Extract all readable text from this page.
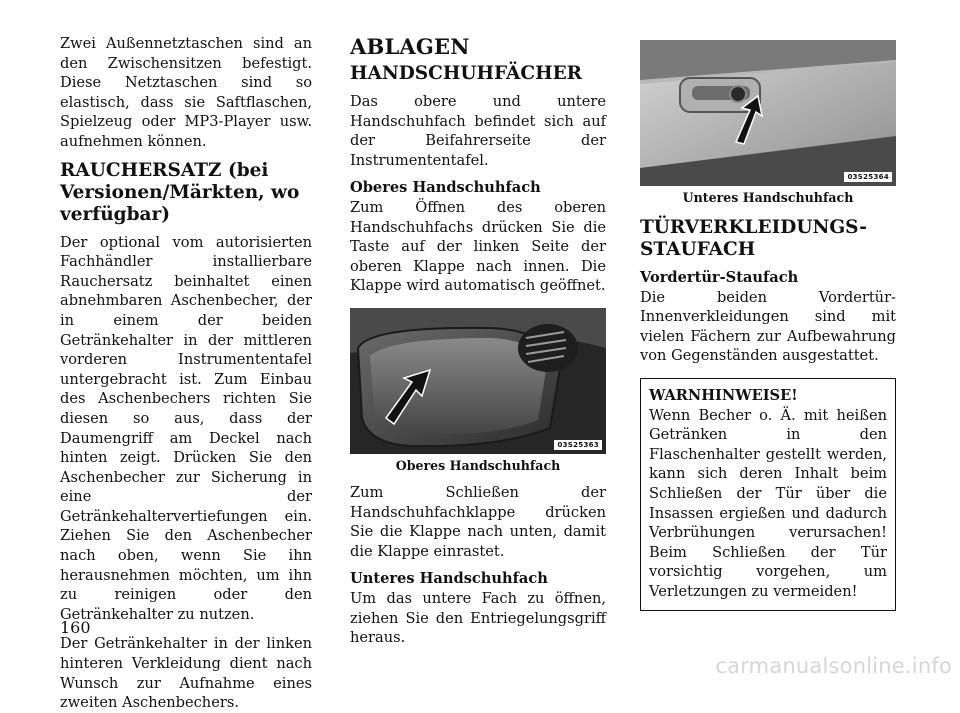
Zwei Außennetztaschen sind an den Zwischensitzen befestigt. Diese Netztaschen sind so elastisch, dass sie Saftflaschen, Spielzeug oder MP3-Player usw. aufnehmen können.

RAUCHERSATZ (bei Versionen/Märkten, wo verfügbar)

Der optional vom autorisierten Fachhändler installierbare Rauchersatz beinhaltet einen abnehmbaren Aschenbecher, der in einem der beiden Getränkehalter in der mittleren vorderen Instrumententafel untergebracht ist. Zum Einbau des Aschenbechers richten Sie diesen so aus, dass der Daumengriff am Deckel nach hinten zeigt. Drücken Sie den Aschenbecher zur Sicherung in eine der Getränkehaltervertiefungen ein. Ziehen Sie den Aschenbecher nach oben, wenn Sie ihn herausnehmen möchten, um ihn zu reinigen oder den Getränkehalter zu nutzen.

Der Getränkehalter in der linken hinteren Verkleidung dient nach Wunsch zur Aufnahme eines zweiten Aschenbechers.

ABLAGEN
HANDSCHUHFÄCHER

Das obere und untere Handschuhfach befindet sich auf der Beifahrerseite der Instrumententafel.

Oberes Handschuhfach

Zum Öffnen des oberen Handschuhfachs drücken Sie die Taste auf der linken Seite der oberen Klappe nach innen. Die Klappe wird automatisch geöffnet.

03S25363
Oberes Handschuhfach

Zum Schließen der Handschuhfachklappe drücken Sie die Klappe nach unten, damit die Klappe einrastet.

Unteres Handschuhfach

Um das untere Fach zu öffnen, ziehen Sie den Entriegelungsgriff heraus.

03S25364
Unteres Handschuhfach
TÜRVERKLEIDUNGS-STAUFACH
Vordertür-Staufach

Die beiden Vordertür-Innenverkleidungen sind mit vielen Fächern zur Aufbewahrung von Gegenständen ausgestattet.

WARNHINWEISE!

Wenn Becher o. Ä. mit heißen Getränken in den Flaschenhalter gestellt werden, kann sich deren Inhalt beim Schließen der Tür über die Insassen ergießen und dadurch Verbrühungen verursachen! Beim Schließen der Tür vorsichtig vorgehen, um Verletzungen zu vermeiden!

160
carmanualsonline.info
